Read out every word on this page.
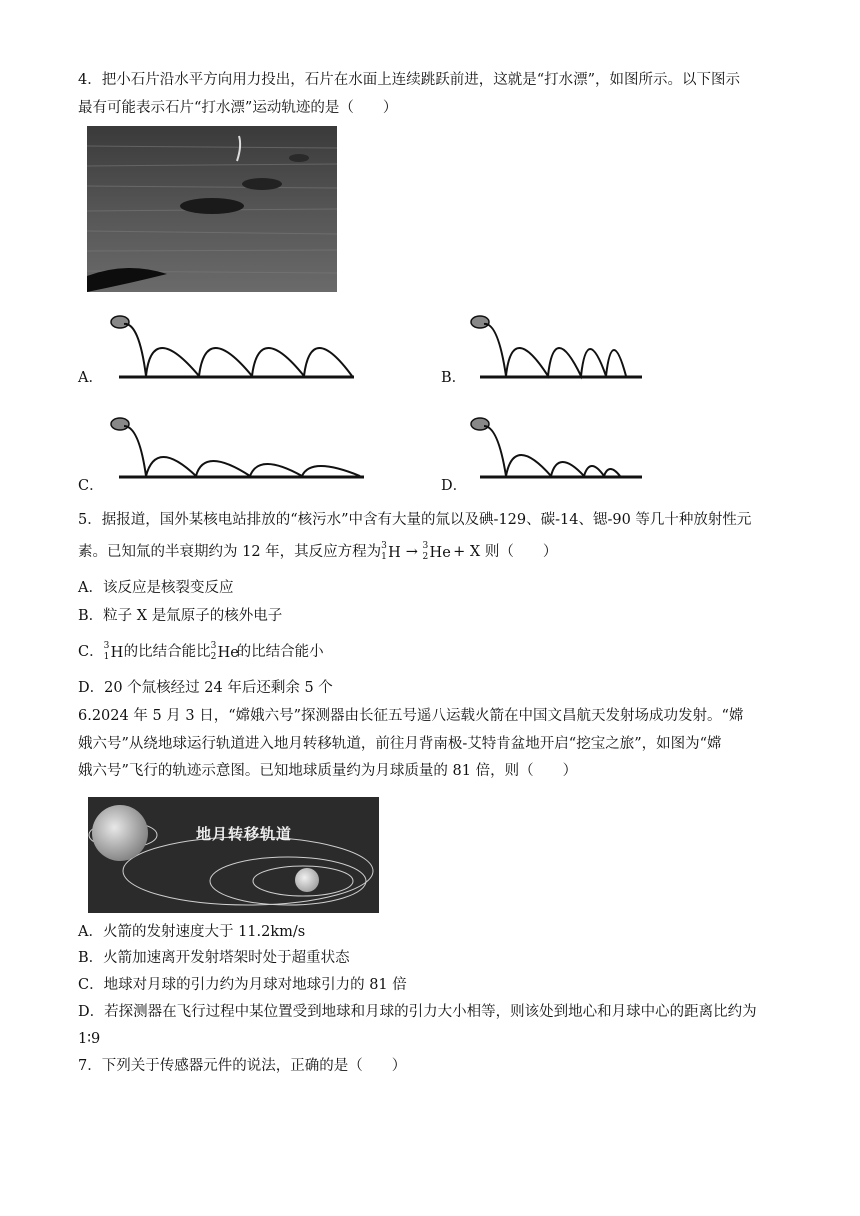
4．把小石片沿水平方向用力投出，石片在水面上连续跳跃前进，这就是“打水漂”，如图所示。以下图示
最有可能表示石片“打水漂”运动轨迹的是（　　）
A．	B．
C．	D．
5．据报道，国外某核电站排放的“核污水”中含有大量的氚以及碘-129、碳-14、锶-90 等几十种放射性元
素。已知氚的半衰期约为 12 年，其反应方程为 3
1 H → 3
2 He + X 则（　　）
A．该反应是核裂变反应
B．粒子 X 是氚原子的核外电子
C． 3
1 H 的比结合能比 3
2 He
的比结合能小
D．20 个氚核经过 24 年后还剩余 5 个
6.2024 年 5 月 3 日，“嫦娥六号”探测器由长征五号遥八运载火箭在中国文昌航天发射场成功发射。“嫦
娥六号”从绕地球运行轨道进入地月转移轨道，前往月背南极-艾特肯盆地开启“挖宝之旅”，如图为“嫦
娥六号”飞行的轨迹示意图。已知地球质量约为月球质量的 81 倍，则（　　）
地月转移轨道
A．火箭的发射速度大于 11.2km/s
B．火箭加速离开发射塔架时处于超重状态
C．地球对月球的引力约为月球对地球引力的 81 倍
D．若探测器在飞行过程中某位置受到地球和月球的引力大小相等，则该处到地心和月球中心的距离比约为
1∶9
7．下列关于传感器元件的说法，正确的是（　　）
